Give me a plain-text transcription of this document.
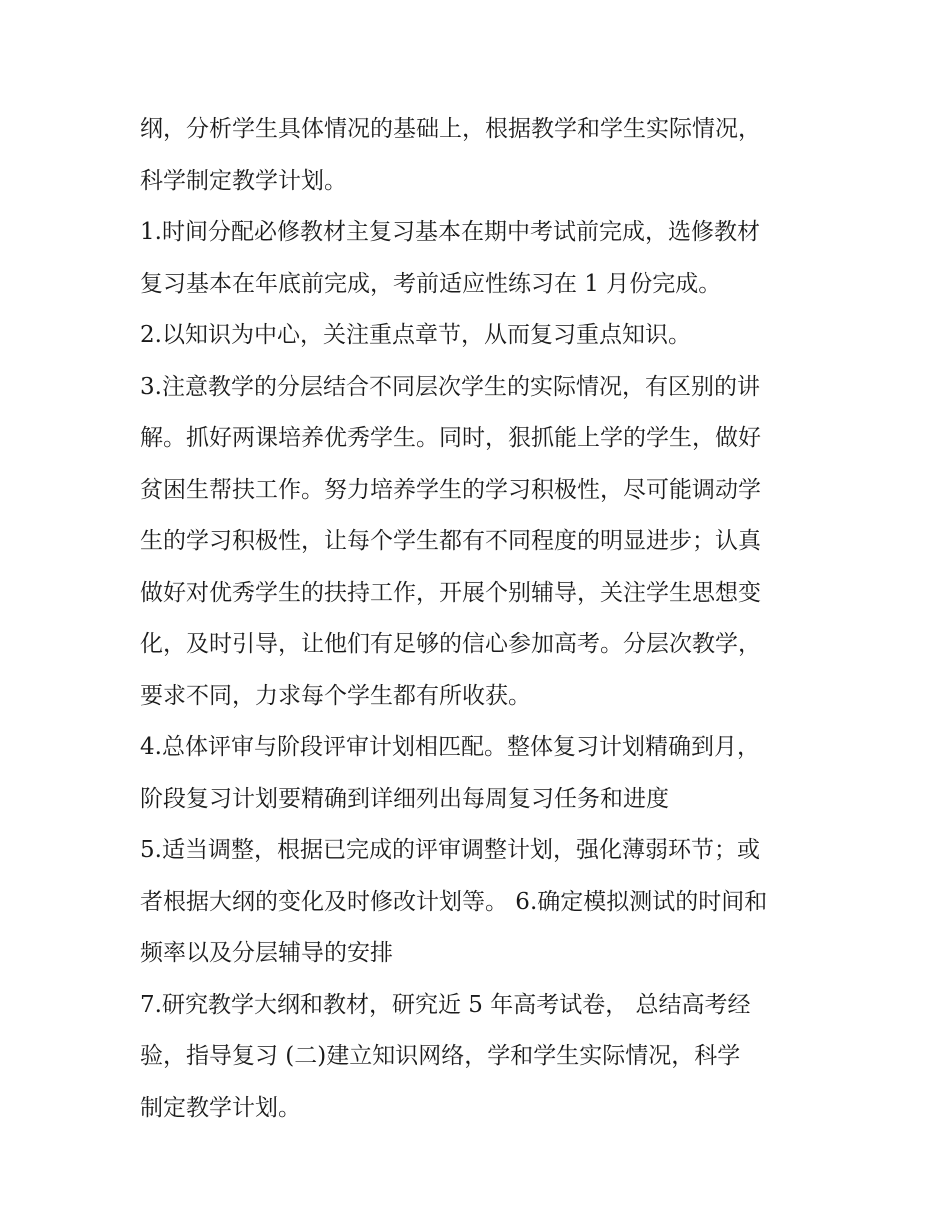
纲，分析学生具体情况的基础上，根据教学和学生实际情况，
科学制定教学计划。
1.时间分配必修教材主复习基本在期中考试前完成，选修教材
复习基本在年底前完成，考前适应性练习在 1 月份完成。
2.以知识为中心，关注重点章节，从而复习重点知识。
3.注意教学的分层结合不同层次学生的实际情况，有区别的讲
解。抓好两课培养优秀学生。同时，狠抓能上学的学生，做好
贫困生帮扶工作。努力培养学生的学习积极性，尽可能调动学
生的学习积极性，让每个学生都有不同程度的明显进步；认真
做好对优秀学生的扶持工作，开展个别辅导，关注学生思想变
化，及时引导，让他们有足够的信心参加高考。分层次教学，
要求不同，力求每个学生都有所收获。
4.总体评审与阶段评审计划相匹配。整体复习计划精确到月，
阶段复习计划要精确到详细列出每周复习任务和进度
5.适当调整，根据已完成的评审调整计划，强化薄弱环节；或
者根据大纲的变化及时修改计划等。 6.确定模拟测试的时间和
频率以及分层辅导的安排
7.研究教学大纲和教材，研究近 5 年高考试卷， 总结高考经
验，指导复习 (二)建立知识网络，学和学生实际情况，科学
制定教学计划。
